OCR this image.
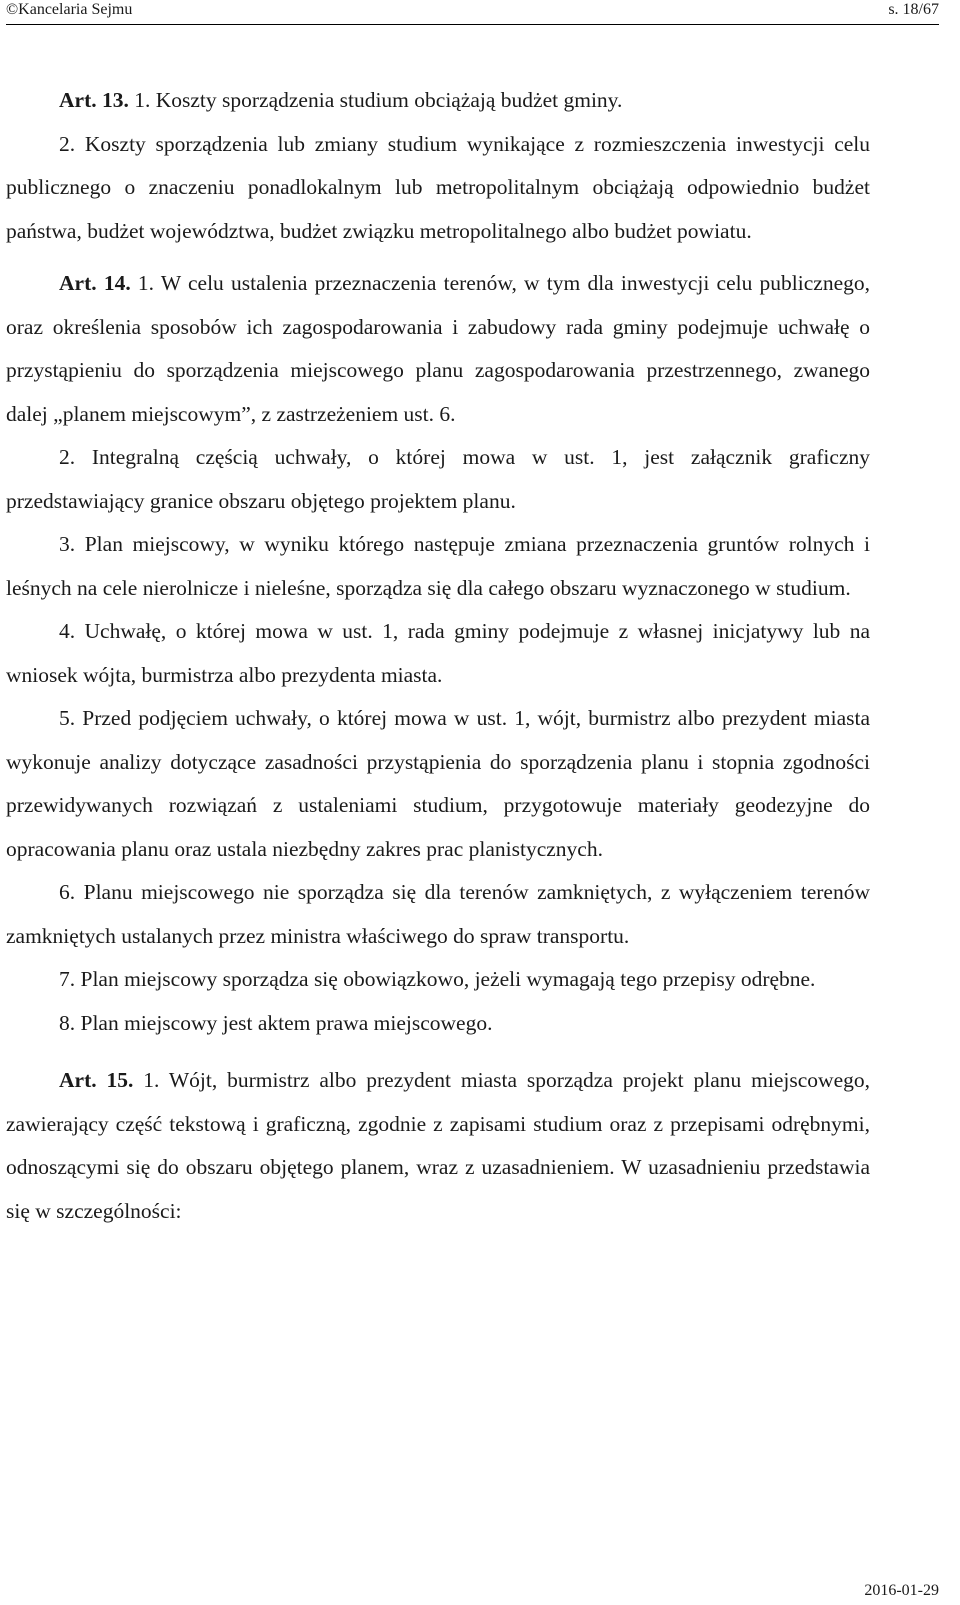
©Kancelaria Sejmu	s. 18/67

Art. 13. 1. Koszty sporządzenia studium obciążają budżet gminy.

2. Koszty sporządzenia lub zmiany studium wynikające z rozmieszczenia inwestycji celu publicznego o znaczeniu ponadlokalnym lub metropolitalnym obciążają odpowiednio budżet państwa, budżet województwa, budżet związku metropolitalnego albo budżet powiatu.

Art. 14. 1. W celu ustalenia przeznaczenia terenów, w tym dla inwestycji celu publicznego, oraz określenia sposobów ich zagospodarowania i zabudowy rada gminy podejmuje uchwałę o przystąpieniu do sporządzenia miejscowego planu zagospodarowania przestrzennego, zwanego dalej „planem miejscowym”, z zastrzeżeniem ust. 6.

2. Integralną częścią uchwały, o której mowa w ust. 1, jest załącznik graficzny przedstawiający granice obszaru objętego projektem planu.

3. Plan miejscowy, w wyniku którego następuje zmiana przeznaczenia gruntów rolnych i leśnych na cele nierolnicze i nieleśne, sporządza się dla całego obszaru wyznaczonego w studium.

4. Uchwałę, o której mowa w ust. 1, rada gminy podejmuje z własnej inicjatywy lub na wniosek wójta, burmistrza albo prezydenta miasta.

5. Przed podjęciem uchwały, o której mowa w ust. 1, wójt, burmistrz albo prezydent miasta wykonuje analizy dotyczące zasadności przystąpienia do sporządzenia planu i stopnia zgodności przewidywanych rozwiązań z ustaleniami studium, przygotowuje materiały geodezyjne do opracowania planu oraz ustala niezbędny zakres prac planistycznych.

6. Planu miejscowego nie sporządza się dla terenów zamkniętych, z wyłączeniem terenów zamkniętych ustalanych przez ministra właściwego do spraw transportu.

7. Plan miejscowy sporządza się obowiązkowo, jeżeli wymagają tego przepisy odrębne.

8. Plan miejscowy jest aktem prawa miejscowego.

Art. 15. 1. Wójt, burmistrz albo prezydent miasta sporządza projekt planu miejscowego, zawierający część tekstową i graficzną, zgodnie z zapisami studium oraz z przepisami odrębnymi, odnoszącymi się do obszaru objętego planem, wraz z uzasadnieniem. W uzasadnieniu przedstawia się w szczególności:

2016-01-29
